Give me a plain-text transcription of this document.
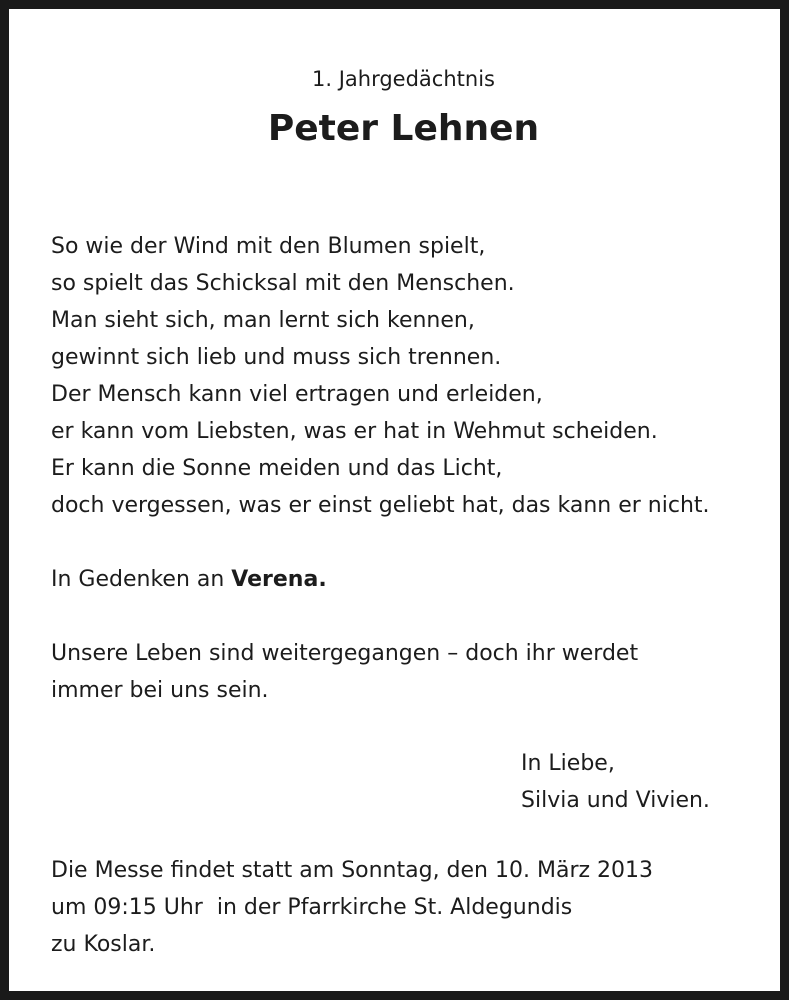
1. Jahrgedächtnis
Peter Lehnen
So wie der Wind mit den Blumen spielt,
so spielt das Schicksal mit den Menschen.
Man sieht sich, man lernt sich kennen,
gewinnt sich lieb und muss sich trennen.
Der Mensch kann viel ertragen und erleiden,
er kann vom Liebsten, was er hat in Wehmut scheiden.
Er kann die Sonne meiden und das Licht,
doch vergessen, was er einst geliebt hat, das kann er nicht.
In Gedenken an Verena.
Unsere Leben sind weitergegangen – doch ihr werdet
immer bei uns sein.
In Liebe,
Silvia und Vivien.
Die Messe findet statt am Sonntag, den 10. März 2013
um 09:15 Uhr  in der Pfarrkirche St. Aldegundis
zu Koslar.
